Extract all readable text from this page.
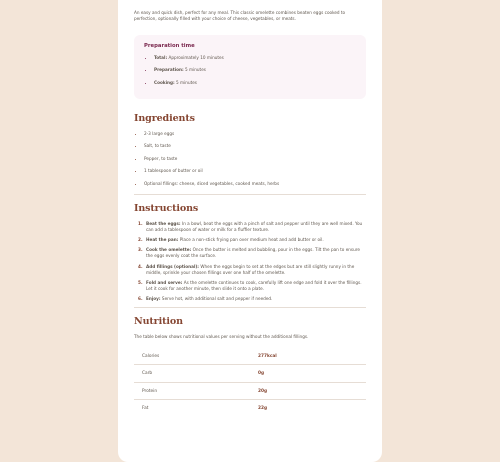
An easy and quick dish, perfect for any meal. This classic omelette combines beaten eggs cooked to perfection, optionally filled with your choice of cheese, vegetables, or meats.

Preparation time
• Total: Approximately 10 minutes
• Preparation: 5 minutes
• Cooking: 5 minutes
Ingredients
• 2-3 large eggs
• Salt, to taste
• Pepper, to taste
• 1 tablespoon of butter or oil
• Optional fillings: cheese, diced vegetables, cooked meats, herbs
Instructions
1. Beat the eggs: In a bowl, beat the eggs with a pinch of salt and pepper until they are well mixed. You can add a tablespoon of water or milk for a fluffier texture.
2. Heat the pan: Place a non-stick frying pan over medium heat and add butter or oil.
3. Cook the omelette: Once the butter is melted and bubbling, pour in the eggs. Tilt the pan to ensure the eggs evenly coat the surface.
4. Add fillings (optional): When the eggs begin to set at the edges but are still slightly runny in the middle, sprinkle your chosen fillings over one half of the omelette.
5. Fold and serve: As the omelette continues to cook, carefully lift one edge and fold it over the fillings. Let it cook for another minute, then slide it onto a plate.
6. Enjoy: Serve hot, with additional salt and pepper if needed.
Nutrition

The table below shows nutritional values per serving without the additional fillings.

Calories	277kcal
Carb	0g
Protein	20g
Fat	22g
